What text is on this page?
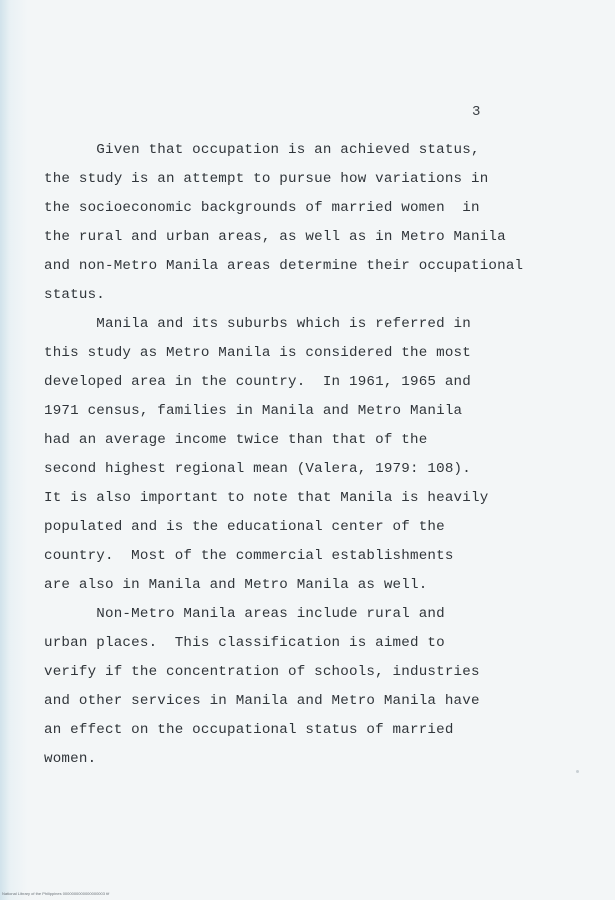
3
Given that occupation is an achieved status,
the study is an attempt to pursue how variations in
the socioeconomic backgrounds of married women  in
the rural and urban areas, as well as in Metro Manila
and non-Metro Manila areas determine their occupational
status.
Manila and its suburbs which is referred in
this study as Metro Manila is considered the most
developed area in the country.  In 1961, 1965 and
1971 census, families in Manila and Metro Manila
had an average income twice than that of the
second highest regional mean (Valera, 1979: 108).
It is also important to note that Manila is heavily
populated and is the educational center of the
country.  Most of the commercial establishments
are also in Manila and Metro Manila as well.
Non-Metro Manila areas include rural and
urban places.  This classification is aimed to
verify if the concentration of schools, industries
and other services in Manila and Metro Manila have
an effect on the occupational status of married
women.
National Library of the Philippines 0000000000000000003 tif
